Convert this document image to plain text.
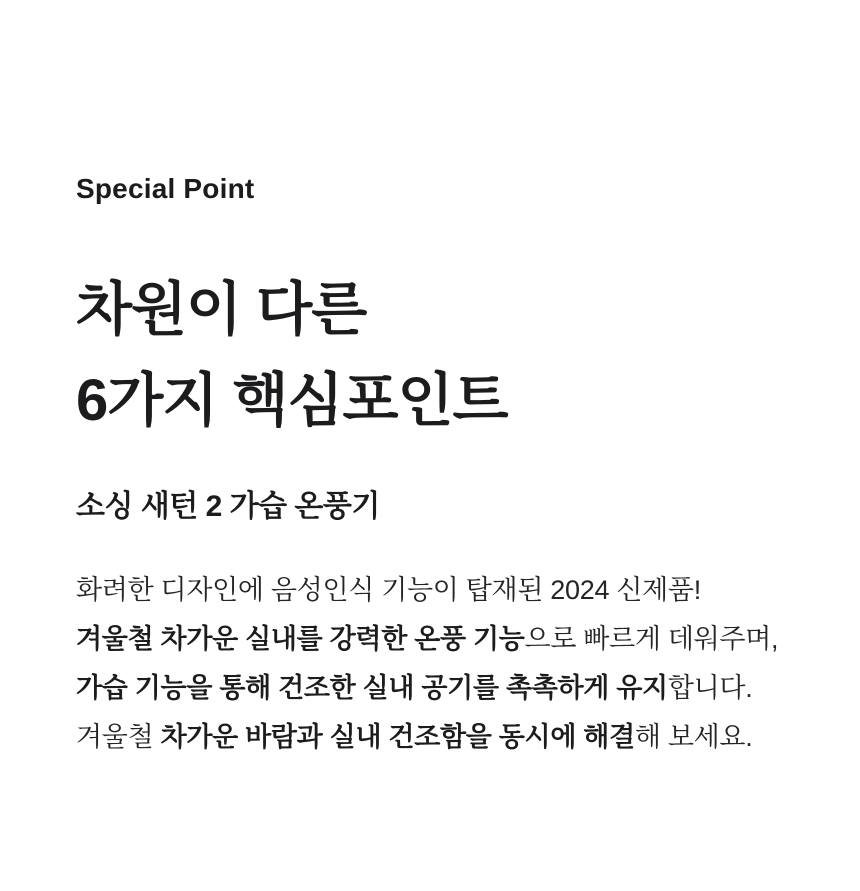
Special Point
차원이 다른
6가지 핵심포인트
소싱 새턴 2 가습 온풍기
화려한 디자인에 음성인식 기능이 탑재된 2024 신제품!
겨울철 차가운 실내를 강력한 온풍 기능으로 빠르게 데워주며,
가습 기능을 통해 건조한 실내 공기를 촉촉하게 유지합니다.
겨울철 차가운 바람과 실내 건조함을 동시에 해결해 보세요.
